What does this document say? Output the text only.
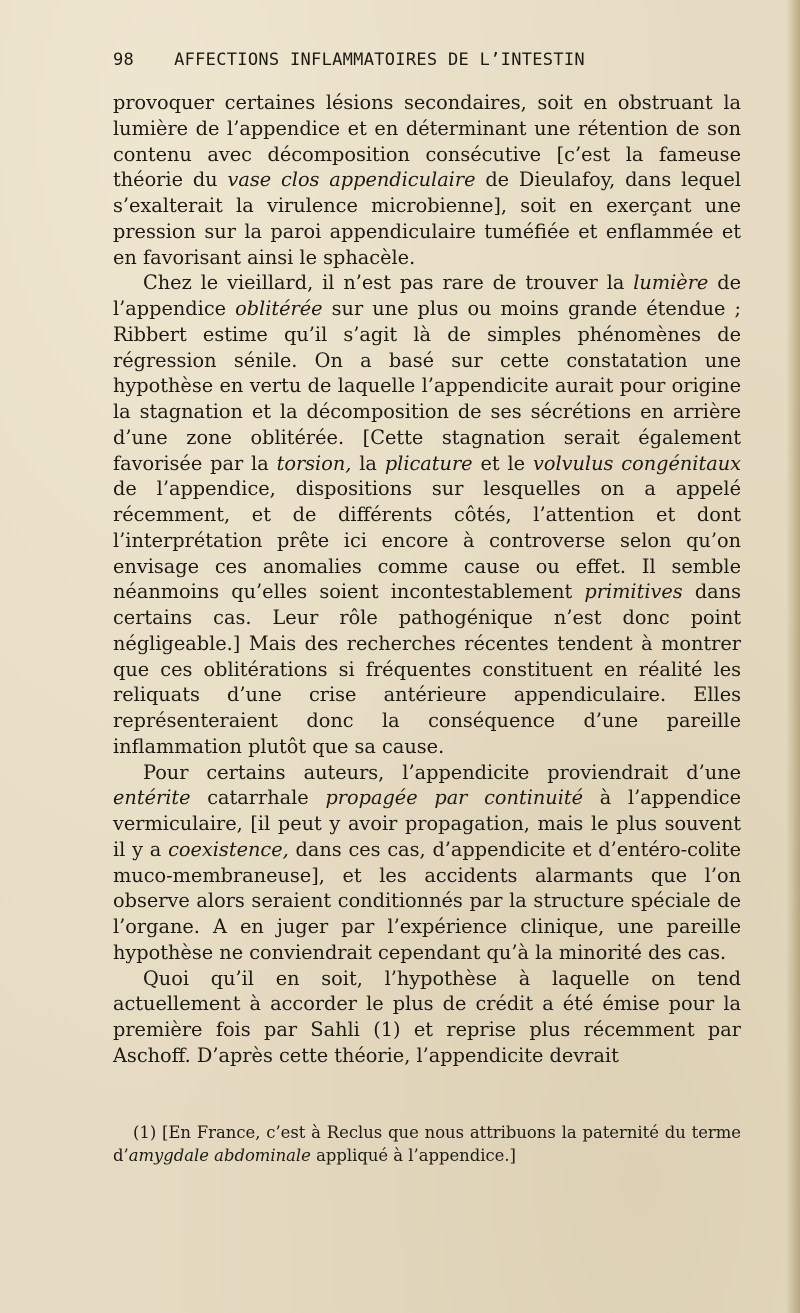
98 AFFECTIONS INFLAMMATOIRES DE L’INTESTIN

provoquer certaines lésions secondaires, soit en obstruant la lumière de l’appendice et en déterminant une rétention de son contenu avec décomposition consécutive [c’est la fameuse théorie du vase clos appendiculaire de Dieulafoy, dans lequel s’exalterait la virulence microbienne], soit en exerçant une pression sur la paroi appendiculaire tuméfiée et enflammée et en favorisant ainsi le sphacèle.

Chez le vieillard, il n’est pas rare de trouver la lumière de l’appendice oblitérée sur une plus ou moins grande étendue ; Ribbert estime qu’il s’agit là de simples phénomènes de régression sénile. On a basé sur cette constatation une hypothèse en vertu de laquelle l’appendicite aurait pour origine la stagnation et la décomposition de ses sécrétions en arrière d’une zone oblitérée. [Cette stagnation serait également favorisée par la torsion, la plicature et le volvulus congénitaux de l’appendice, dispositions sur lesquelles on a appelé récemment, et de différents côtés, l’attention et dont l’interprétation prête ici encore à controverse selon qu’on envisage ces anomalies comme cause ou effet. Il semble néanmoins qu’elles soient incontestablement primitives dans certains cas. Leur rôle pathogénique n’est donc point négligeable.] Mais des recherches récentes tendent à montrer que ces oblitérations si fréquentes constituent en réalité les reliquats d’une crise antérieure appendiculaire. Elles représenteraient donc la conséquence d’une pareille inflammation plutôt que sa cause.

Pour certains auteurs, l’appendicite proviendrait d’une entérite catarrhale propagée par continuité à l’appendice vermiculaire, [il peut y avoir propagation, mais le plus souvent il y a coexistence, dans ces cas, d’appendicite et d’entéro-colite muco-membraneuse], et les accidents alarmants que l’on observe alors seraient conditionnés par la structure spéciale de l’organe. A en juger par l’expérience clinique, une pareille hypothèse ne conviendrait cependant qu’à la minorité des cas.

Quoi qu’il en soit, l’hypothèse à laquelle on tend actuellement à accorder le plus de crédit a été émise pour la première fois par Sahli (1) et reprise plus récemment par Aschoff. D’après cette théorie, l’appendicite devrait

(1) [En France, c’est à Reclus que nous attribuons la paternité du terme d’amygdale abdominale appliqué à l’appendice.]
